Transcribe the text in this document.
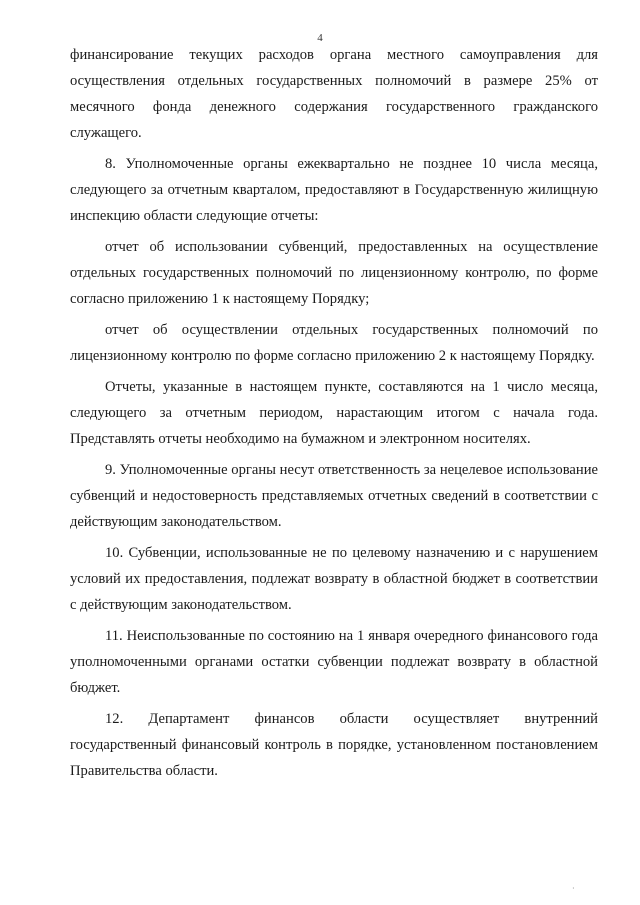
4

финансирование текущих расходов органа местного самоуправления для осуществления отдельных государственных полномочий в размере 25% от месячного фонда денежного содержания государственного гражданского служащего.

8. Уполномоченные органы ежеквартально не позднее 10 числа месяца, следующего за отчетным кварталом, предоставляют в Государственную жилищную инспекцию области следующие отчеты:

отчет об использовании субвенций, предоставленных на осуществление отдельных государственных полномочий по лицензионному контролю, по форме согласно приложению 1 к настоящему Порядку;

отчет об осуществлении отдельных государственных полномочий по лицензионному контролю по форме согласно приложению 2 к настоящему Порядку.

Отчеты, указанные в настоящем пункте, составляются на 1 число месяца, следующего за отчетным периодом, нарастающим итогом с начала года. Представлять отчеты необходимо на бумажном и электронном носителях.

9. Уполномоченные органы несут ответственность за нецелевое использование субвенций и недостоверность представляемых отчетных сведений в соответствии с действующим законодательством.

10. Субвенции, использованные не по целевому назначению и с нарушением условий их предоставления, подлежат возврату в областной бюджет в соответствии с действующим законодательством.

11. Неиспользованные по состоянию на 1 января очередного финансового года уполномоченными органами остатки субвенции подлежат возврату в областной бюджет.

12. Департамент финансов области осуществляет внутренний государственный финансовый контроль в порядке, установленном постановлением Правительства области.

·
